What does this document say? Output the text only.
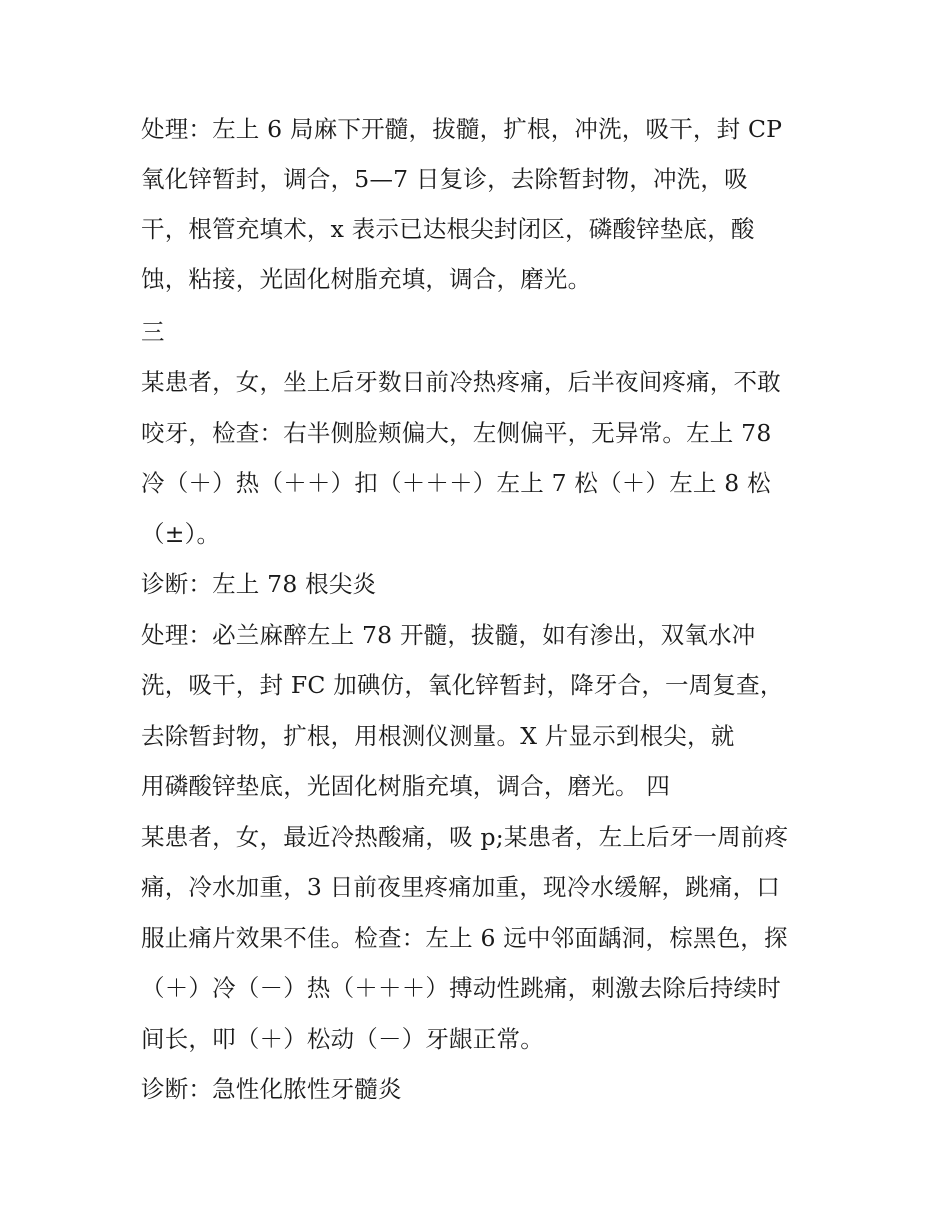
处理：左上 6 局麻下开髓，拔髓，扩根，冲洗，吸干，封 CP
氧化锌暂封，调合，5—7 日复诊，去除暂封物，冲洗，吸
干，根管充填术，x 表示已达根尖封闭区，磷酸锌垫底，酸
蚀，粘接，光固化树脂充填，调合，磨光。
三
某患者，女，坐上后牙数日前冷热疼痛，后半夜间疼痛，不敢
咬牙，检查：右半侧脸颊偏大，左侧偏平，无异常。左上 78
冷（＋）热（＋＋）扣（＋＋＋）左上 7 松（＋）左上 8 松
（±）。
诊断：左上 78 根尖炎
处理：必兰麻醉左上 78 开髓，拔髓，如有渗出，双氧水冲
洗，吸干，封 FC 加碘仿，氧化锌暂封，降牙合，一周复查，
去除暂封物，扩根，用根测仪测量。X 片显示到根尖，就
用磷酸锌垫底，光固化树脂充填，调合，磨光。 四
某患者，女，最近冷热酸痛，吸 p;某患者，左上后牙一周前疼
痛，冷水加重，3 日前夜里疼痛加重，现冷水缓解，跳痛，口
服止痛片效果不佳。检查：左上 6 远中邻面龋洞，棕黑色，探
（＋）冷（－）热（＋＋＋）搏动性跳痛，刺激去除后持续时
间长，叩（＋）松动（－）牙龈正常。
诊断：急性化脓性牙髓炎
